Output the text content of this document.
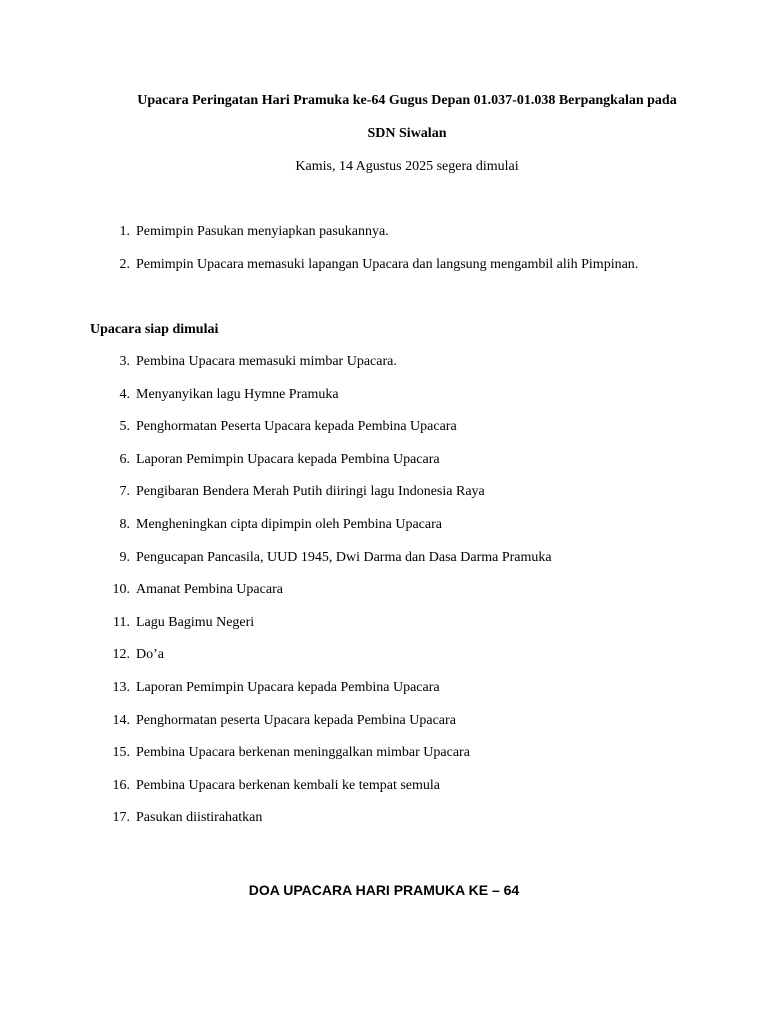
Upacara Peringatan Hari Pramuka ke-64 Gugus Depan 01.037-01.038 Berpangkalan pada
SDN Siwalan
Kamis, 14 Agustus 2025 segera dimulai
1. Pemimpin Pasukan menyiapkan pasukannya.
2. Pemimpin Upacara memasuki lapangan Upacara dan langsung mengambil alih Pimpinan.
Upacara siap dimulai
3. Pembina Upacara memasuki mimbar Upacara.
4. Menyanyikan lagu Hymne Pramuka
5. Penghormatan Peserta Upacara kepada Pembina Upacara
6. Laporan Pemimpin Upacara kepada Pembina Upacara
7. Pengibaran Bendera Merah Putih diiringi lagu Indonesia Raya
8. Mengheningkan cipta dipimpin oleh Pembina Upacara
9. Pengucapan Pancasila, UUD 1945, Dwi Darma dan Dasa Darma Pramuka
10. Amanat Pembina Upacara
11. Lagu Bagimu Negeri
12. Do’a
13. Laporan Pemimpin Upacara kepada Pembina Upacara
14. Penghormatan peserta Upacara kepada Pembina Upacara
15. Pembina Upacara berkenan meninggalkan mimbar Upacara
16. Pembina Upacara berkenan kembali ke tempat semula
17. Pasukan diistirahatkan
DOA UPACARA HARI PRAMUKA KE – 64
